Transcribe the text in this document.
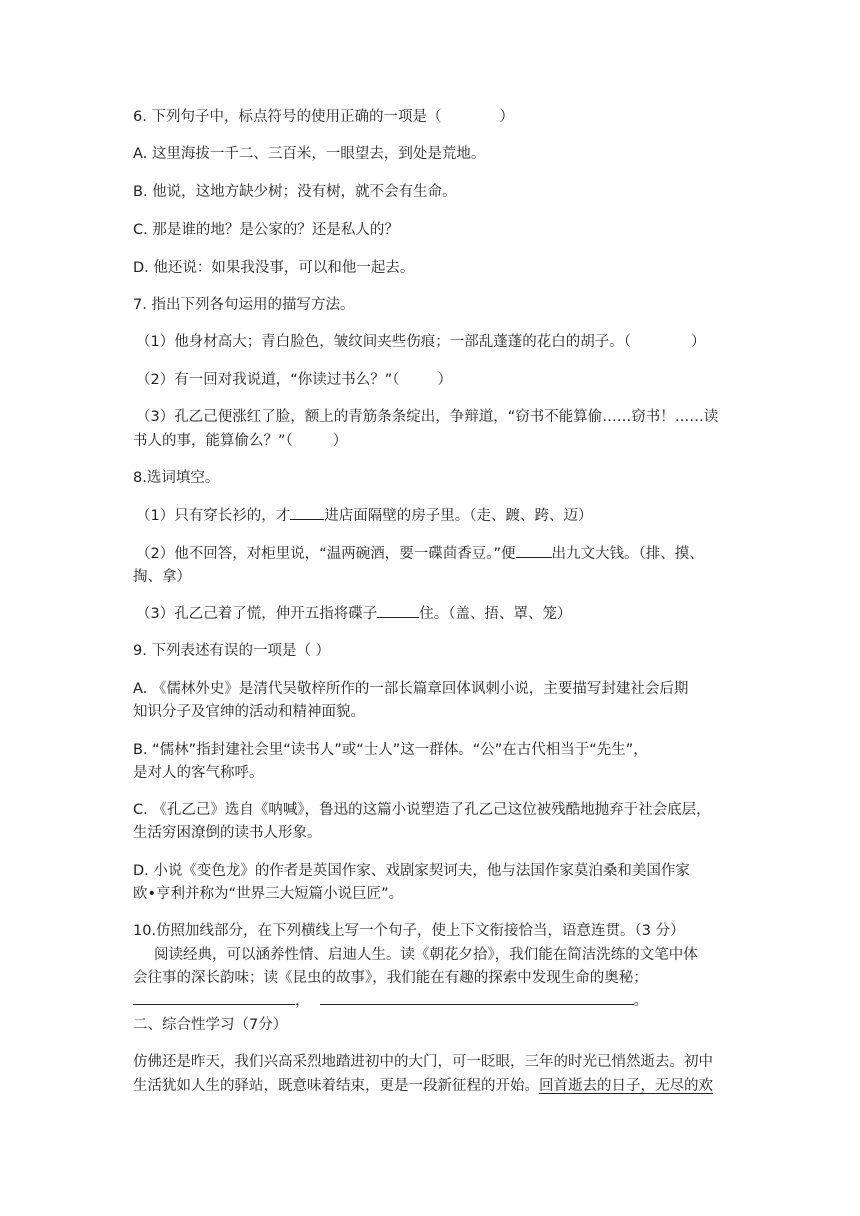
6. 下列句子中，标点符号的使用正确的一项是（	）
A. 这里海拔一千二、三百米，一眼望去，到处是荒地。
B. 他说，这地方缺少树；没有树，就不会有生命。
C. 那是谁的地？是公家的？还是私人的？
D. 他还说：如果我没事，可以和他一起去。
7. 指出下列各句运用的描写方法。
（1）他身材高大；青白脸色，皱纹间夹些伤痕；一部乱蓬蓬的花白的胡子。（	）
（2）有一回对我说道，“你读过书么？”（	）
（3）孔乙己便涨红了脸，额上的青筋条条绽出，争辩道，“窃书不能算偷……窃书！……读
书人的事，能算偷么？”（	）
8.选词填空。
（1）只有穿长衫的，才 进店面隔壁的房子里。（走、踱、跨、迈）
（2）他不回答，对柜里说，“温两碗酒，要一碟茴香豆。”便 出九文大钱。（排、摸、
掏、拿）
（3）孔乙己着了慌，伸开五指将碟子	住。（盖、捂、罩、笼）
9. 下列表述有误的一项是（ ）
A. 《儒林外史》是清代吴敬梓所作的一部长篇章回体讽刺小说，主要描写封建社会后期
知识分子及官绅的活动和精神面貌。
B. “儒林”指封建社会里“读书人”或“士人”这一群体。“公”在古代相当于“先生”，
是对人的客气称呼。
C. 《孔乙己》选自《呐喊》，鲁迅的这篇小说塑造了孔乙己这位被残酷地抛弃于社会底层，
生活穷困潦倒的读书人形象。
D. 小说《变色龙》的作者是英国作家、戏剧家契诃夫，他与法国作家莫泊桑和美国作家
欧•亨利并称为“世界三大短篇小说巨匠”。
10.仿照加线部分，在下列横线上写一个句子，使上下文衔接恰当，语意连贯。（3 分）
阅读经典，可以涵养性情、启迪人生。读《朝花夕拾》，我们能在简洁洗练的文笔中体
会往事的深长韵味；读《昆虫的故事》，我们能在有趣的探索中发现生命的奥秘；
，	。
二、综合性学习（7分）
仿佛还是昨天，我们兴高采烈地踏进初中的大门，可一眨眼，三年的时光已悄然逝去。初中
生活犹如人生的驿站，既意味着结束，更是一段新征程的开始。回首逝去的日子，无尽的欢
